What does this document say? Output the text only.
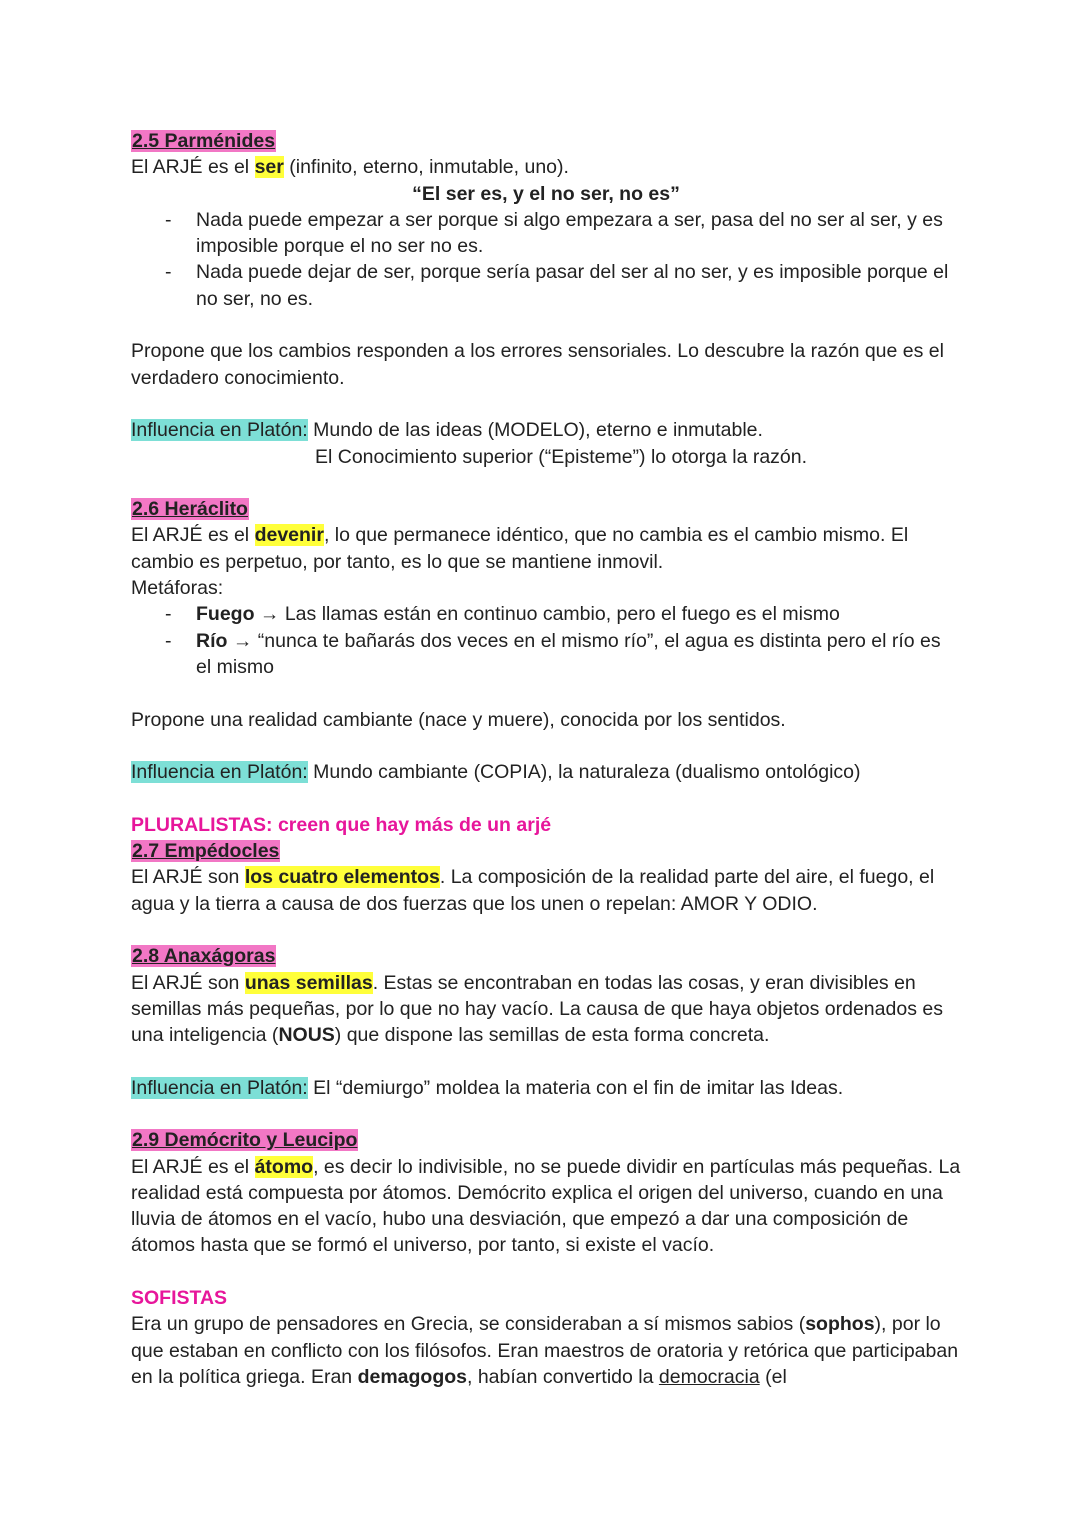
2.5 Parménides

El ARJÉ es el ser (infinito, eterno, inmutable, uno).

“El ser es, y el no ser, no es”

- Nada puede empezar a ser porque si algo empezara a ser, pasa del no ser al ser, y es imposible porque el no ser no es.
- Nada puede dejar de ser, porque sería pasar del ser al no ser, y es imposible porque el no ser, no es.

Propone que los cambios responden a los errores sensoriales. Lo descubre la razón que es el verdadero conocimiento.

Influencia en Platón: Mundo de las ideas (MODELO), eterno e inmutable.

El Conocimiento superior (“Episteme”) lo otorga la razón.

2.6 Heráclito

El ARJÉ es el devenir, lo que permanece idéntico, que no cambia es el cambio mismo. El cambio es perpetuo, por tanto, es lo que se mantiene inmovil.

Metáforas:

- Fuego → Las llamas están en continuo cambio, pero el fuego es el mismo
- Río → “nunca te bañarás dos veces en el mismo río”, el agua es distinta pero el río es el mismo

Propone una realidad cambiante (nace y muere), conocida por los sentidos.

Influencia en Platón: Mundo cambiante (COPIA), la naturaleza (dualismo ontológico)

PLURALISTAS: creen que hay más de un arjé

2.7 Empédocles

El ARJÉ son los cuatro elementos. La composición de la realidad parte del aire, el fuego, el agua y la tierra a causa de dos fuerzas que los unen o repelan: AMOR Y ODIO.

2.8 Anaxágoras

El ARJÉ son unas semillas. Estas se encontraban en todas las cosas, y eran divisibles en semillas más pequeñas, por lo que no hay vacío. La causa de que haya objetos ordenados es una inteligencia (NOUS) que dispone las semillas de esta forma concreta.

Influencia en Platón: El “demiurgo” moldea la materia con el fin de imitar las Ideas.

2.9 Demócrito y Leucipo

El ARJÉ es el átomo, es decir lo indivisible, no se puede dividir en partículas más pequeñas. La realidad está compuesta por átomos. Demócrito explica el origen del universo, cuando en una lluvia de átomos en el vacío, hubo una desviación, que empezó a dar una composición de átomos hasta que se formó el universo, por tanto, si existe el vacío.

SOFISTAS

Era un grupo de pensadores en Grecia, se consideraban a sí mismos sabios (sophos), por lo que estaban en conflicto con los filósofos. Eran maestros de oratoria y retórica que participaban en la política griega. Eran demagogos, habían convertido la democracia (el
